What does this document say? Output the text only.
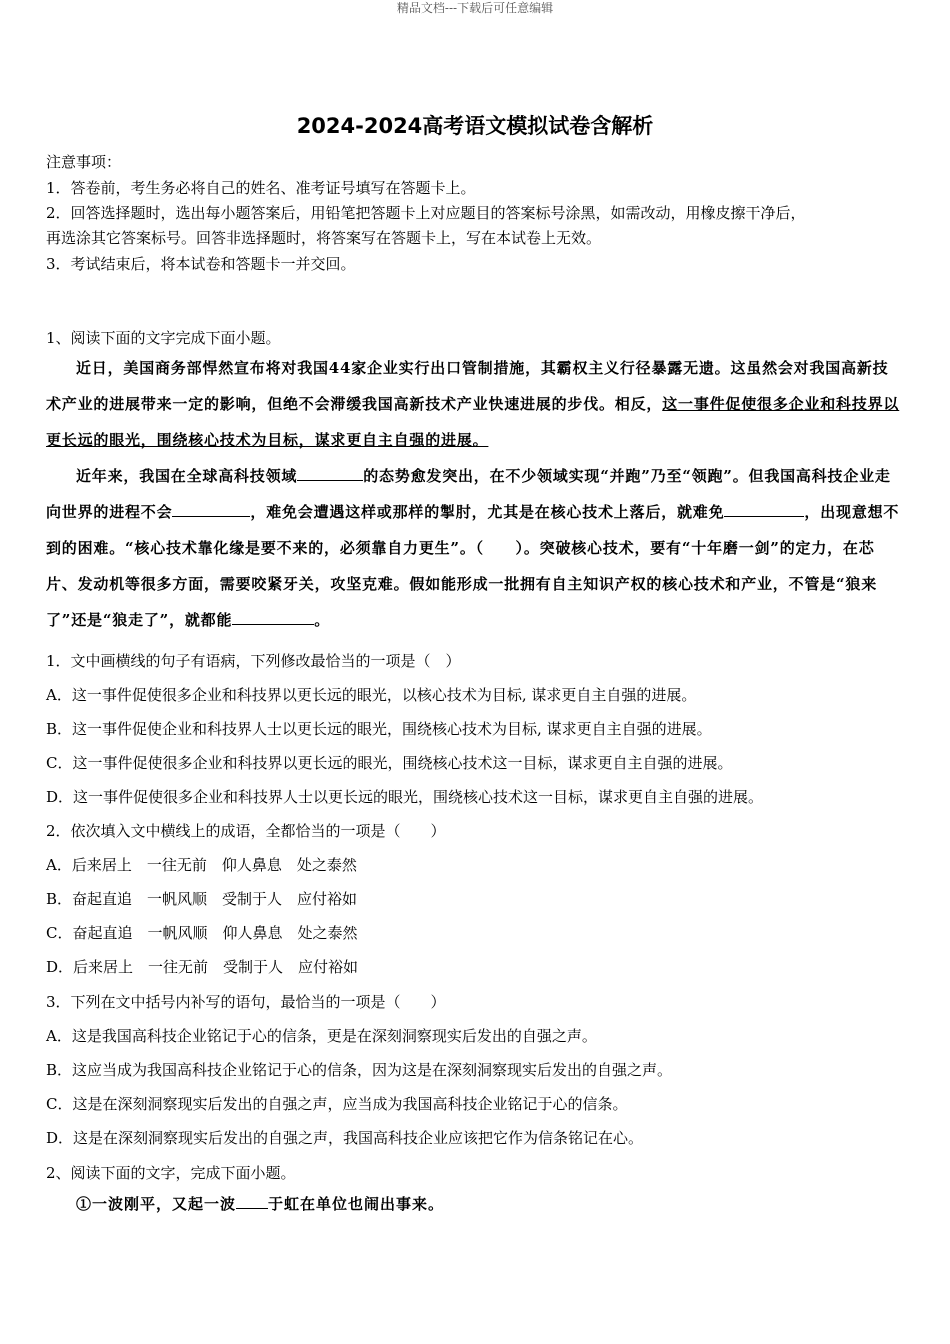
精品文档---下载后可任意编辑
2024-2024高考语文模拟试卷含解析
注意事项：
1．答卷前，考生务必将自己的姓名、准考证号填写在答题卡上。
2．回答选择题时，选出每小题答案后，用铅笔把答题卡上对应题目的答案标号涂黑，如需改动，用橡皮擦干净后，
再选涂其它答案标号。回答非选择题时，将答案写在答题卡上，写在本试卷上无效。
3．考试结束后，将本试卷和答题卡一并交回。
1、阅读下面的文字完成下面小题。

近日，美国商务部悍然宣布将对我国44家企业实行出口管制措施，其霸权主义行径暴露无遗。这虽然会对我国高新技术产业的进展带来一定的影响，但绝不会滞缓我国高新技术产业快速进展的步伐。相反，这一事件促使很多企业和科技界以更长远的眼光，围绕核心技术为目标，谋求更自主自强的进展。

近年来，我国在全球高科技领域	的态势愈发突出，在不少领域实现“并跑”乃至“领跑”。但我国高科技企业走向世界的进程不会	，难免会遭遇这样或那样的掣肘，尤其是在核心技术上落后，就难免	，出现意想不到的困难。“核心技术靠化缘是要不来的，必须靠自力更生”。（　　）。突破核心技术，要有“十年磨一剑”的定力，在芯片、发动机等很多方面，需要咬紧牙关，攻坚克难。假如能形成一批拥有自主知识产权的核心技术和产业，不管是“狼来了”还是“狼走了”，就都能	。

1．文中画横线的句子有语病，下列修改最恰当的一项是（　）
A．这一事件促使很多企业和科技界以更长远的眼光，以核心技术为目标, 谋求更自主自强的进展。
B．这一事件促使企业和科技界人士以更长远的眼光，围绕核心技术为目标, 谋求更自主自强的进展。
C．这一事件促使很多企业和科技界以更长远的眼光，围绕核心技术这一目标，谋求更自主自强的进展。
D．这一事件促使很多企业和科技界人士以更长远的眼光，围绕核心技术这一目标，谋求更自主自强的进展。
2．依次填入文中横线上的成语，全都恰当的一项是（　　）
A．后来居上　一往无前　仰人鼻息　处之泰然
B．奋起直追　一帆风顺　受制于人　应付裕如
C．奋起直追　一帆风顺　仰人鼻息　处之泰然
D．后来居上　一往无前　受制于人　应付裕如
3．下列在文中括号内补写的语句，最恰当的一项是（　　）
A．这是我国高科技企业铭记于心的信条，更是在深刻洞察现实后发出的自强之声。
B．这应当成为我国高科技企业铭记于心的信条，因为这是在深刻洞察现实后发出的自强之声。
C．这是在深刻洞察现实后发出的自强之声，应当成为我国高科技企业铭记于心的信条。
D．这是在深刻洞察现实后发出的自强之声，我国高科技企业应该把它作为信条铭记在心。
2、阅读下面的文字，完成下面小题。
①一波刚平，又起一波 于虹在单位也闹出事来。
